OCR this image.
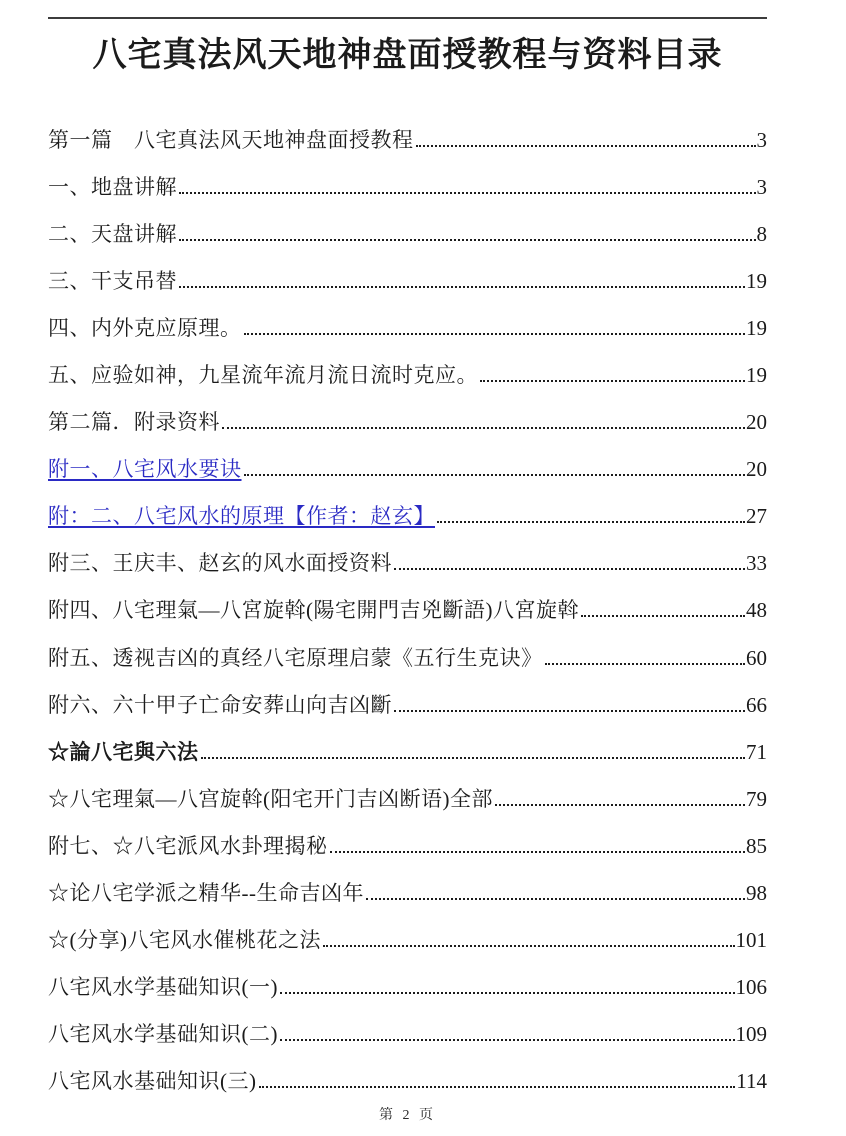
八宅真法风天地神盘面授教程与资料目录
第一篇　八宅真法风天地神盘面授教程	3
一、地盘讲解	3
二、天盘讲解	8
三、干支吊替	19
四、内外克应原理。	19
五、应验如神，九星流年流月流日流时克应。	19
第二篇．附录资料	20
附一、八宅风水要诀	20
附：二、八宅风水的原理【作者：赵玄】	27
附三、王庆丰、赵玄的风水面授资料	33
附四、八宅理氣—八宮旋斡(陽宅開門吉兇斷語)八宮旋斡	48
附五、透视吉凶的真经八宅原理启蒙《五行生克诀》	60
附六、六十甲子亡命安葬山向吉凶斷	66
☆論八宅與六法	71
☆八宅理氣—八宫旋斡(阳宅开门吉凶断语)全部	79
附七、☆八宅派风水卦理揭秘	85
☆论八宅学派之精华--生命吉凶年	98
☆(分享)八宅风水催桃花之法	101
八宅风水学基础知识(一)	106
八宅风水学基础知识(二)	109
八宅风水基础知识(三)	114
第 2 页
